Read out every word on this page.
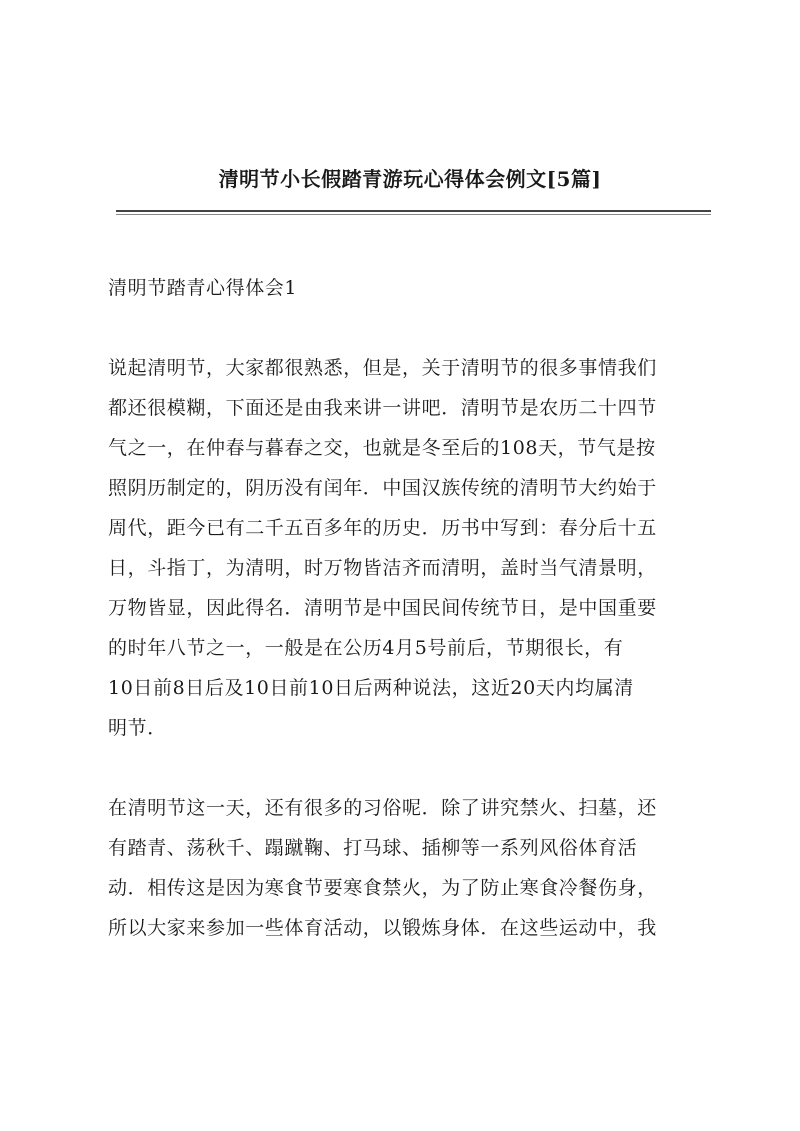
清明节小长假踏青游玩心得体会例文[5篇]
清明节踏青心得体会1
说起清明节，大家都很熟悉，但是，关于清明节的很多事情我们
都还很模糊，下面还是由我来讲一讲吧．清明节是农历二十四节
气之一，在仲春与暮春之交，也就是冬至后的108天，节气是按
照阴历制定的，阴历没有闰年．中国汉族传统的清明节大约始于
周代，距今已有二千五百多年的历史．历书中写到：春分后十五
日，斗指丁，为清明，时万物皆洁齐而清明，盖时当气清景明，
万物皆显，因此得名．清明节是中国民间传统节日，是中国重要
的时年八节之一，一般是在公历4月5号前后，节期很长，有
10日前8日后及10日前10日后两种说法，这近20天内均属清
明节．
在清明节这一天，还有很多的习俗呢．除了讲究禁火、扫墓，还
有踏青、荡秋千、蹋蹴鞠、打马球、插柳等一系列风俗体育活
动．相传这是因为寒食节要寒食禁火，为了防止寒食冷餐伤身，
所以大家来参加一些体育活动，以锻炼身体．在这些运动中，我
